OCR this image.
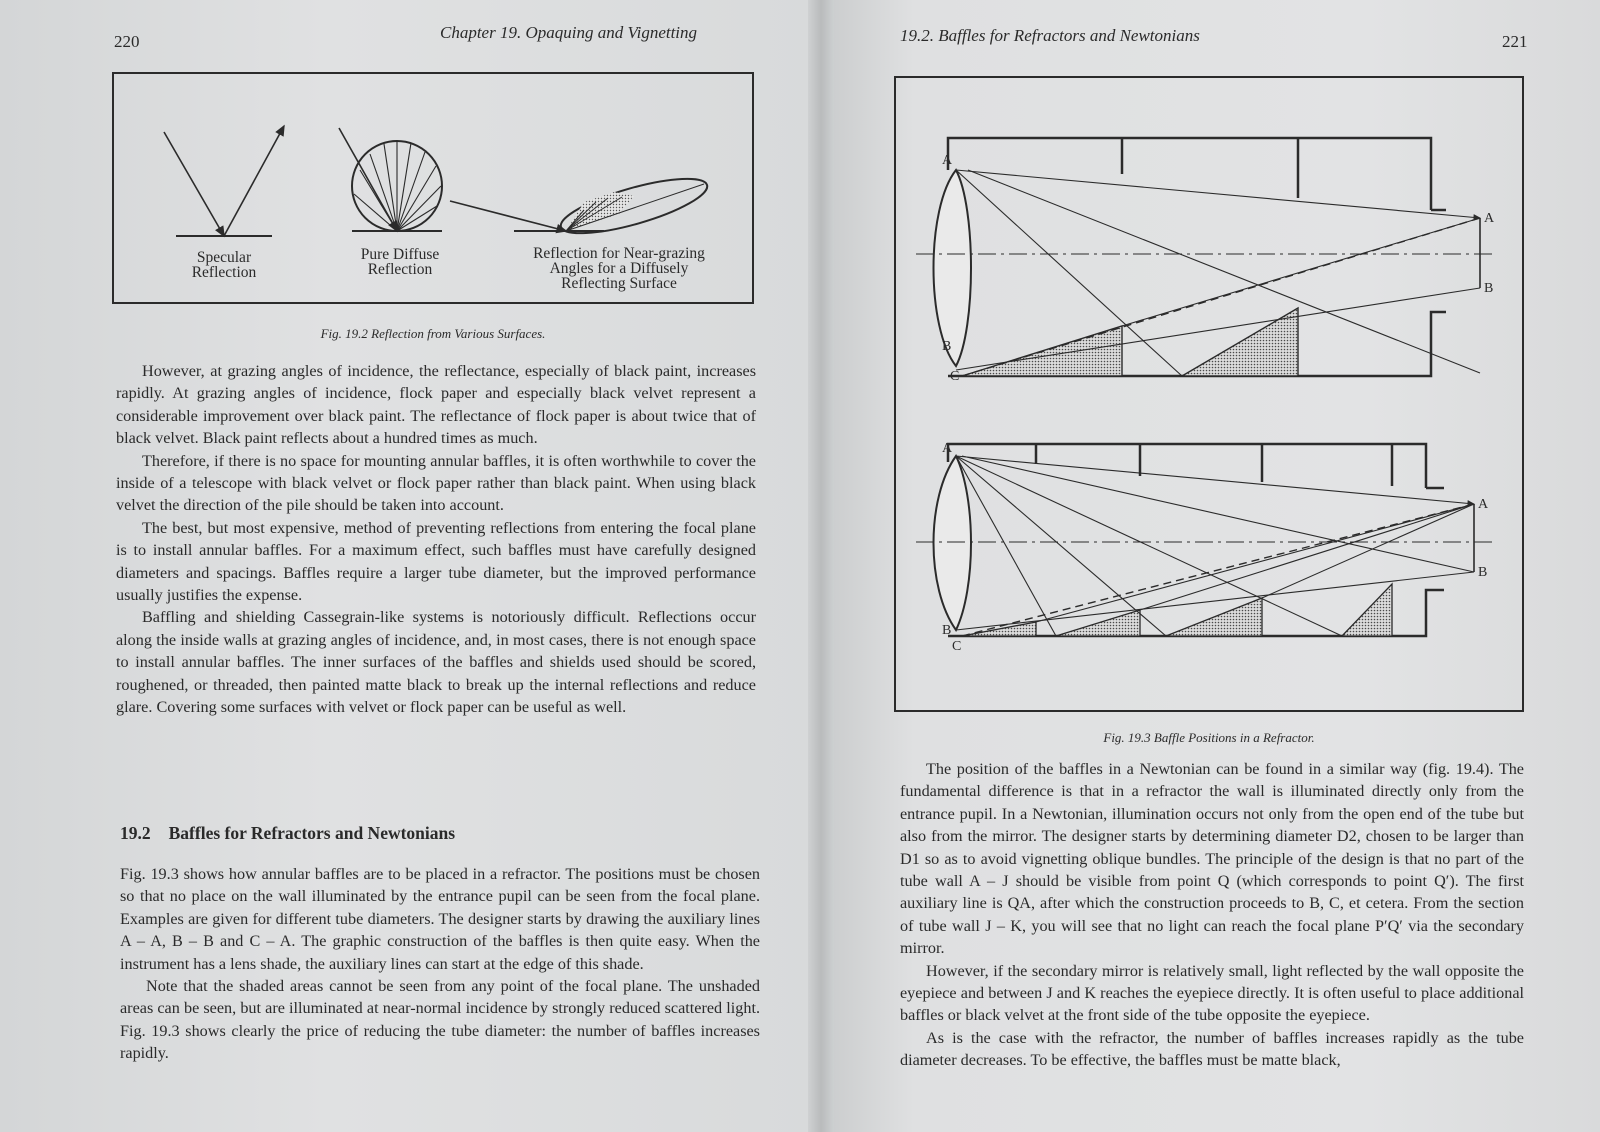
220	Chapter 19. Opaquing and Vignetting
Specular
Reflection
Pure Diffuse
Reflection
Reflection for Near-grazing
Angles for a Diffusely
Reflecting Surface
Fig. 19.2 Reflection from Various Surfaces.

However, at grazing angles of incidence, the reflectance, especially of black paint, increases rapidly. At grazing angles of incidence, flock paper and especially black velvet represent a considerable improvement over black paint. The reflectance of flock paper is about twice that of black velvet. Black paint reflects about a hundred times as much.

Therefore, if there is no space for mounting annular baffles, it is often worthwhile to cover the inside of a telescope with black velvet or flock paper rather than black paint. When using black velvet the direction of the pile should be taken into account.

The best, but most expensive, method of preventing reflections from entering the focal plane is to install annular baffles. For a maximum effect, such baffles must have carefully designed diameters and spacings. Baffles require a larger tube diameter, but the improved performance usually justifies the expense.

Baffling and shielding Cassegrain-like systems is notoriously difficult. Reflections occur along the inside walls at grazing angles of incidence, and, in most cases, there is not enough space to install annular baffles. The inner surfaces of the baffles and shields used should be scored, roughened, or threaded, then painted matte black to break up the internal reflections and reduce glare. Covering some surfaces with velvet or flock paper can be useful as well.

19.2 Baffles for Refractors and Newtonians

Fig. 19.3 shows how annular baffles are to be placed in a refractor. The positions must be chosen so that no place on the wall illuminated by the entrance pupil can be seen from the focal plane. Examples are given for different tube diameters. The designer starts by drawing the auxiliary lines A – A, B – B and C – A. The graphic construction of the baffles is then quite easy. When the instrument has a lens shade, the auxiliary lines can start at the edge of this shade.

Note that the shaded areas cannot be seen from any point of the focal plane. The unshaded areas can be seen, but are illuminated at near-normal incidence by strongly reduced scattered light. Fig. 19.3 shows clearly the price of reducing the tube diameter: the number of baffles increases rapidly.

19.2. Baffles for Refractors and Newtonians	221
A
A
B
B
C
A
A
B
B
C
Fig. 19.3 Baffle Positions in a Refractor.

The position of the baffles in a Newtonian can be found in a similar way (fig. 19.4). The fundamental difference is that in a refractor the wall is illuminated directly only from the entrance pupil. In a Newtonian, illumination occurs not only from the open end of the tube but also from the mirror. The designer starts by determining diameter D2, chosen to be larger than D1 so as to avoid vignetting oblique bundles. The principle of the design is that no part of the tube wall A – J should be visible from point Q (which corresponds to point Q′). The first auxiliary line is QA, after which the construction proceeds to B, C, et cetera. From the section of tube wall J – K, you will see that no light can reach the focal plane P′Q′ via the secondary mirror.

However, if the secondary mirror is relatively small, light reflected by the wall opposite the eyepiece and between J and K reaches the eyepiece directly. It is often useful to place additional baffles or black velvet at the front side of the tube opposite the eyepiece.

As is the case with the refractor, the number of baffles increases rapidly as the tube diameter decreases. To be effective, the baffles must be matte black,
